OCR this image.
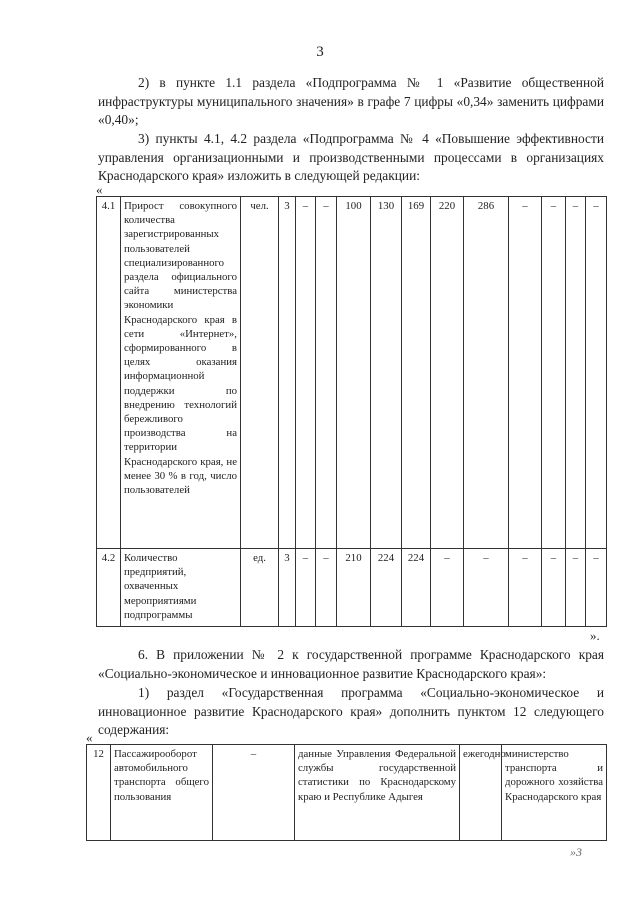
3
2) в пункте 1.1 раздела «Подпрограмма № 1 «Развитие общественной инфраструктуры муниципального значения» в графе 7 цифры «0,34» заменить цифрами «0,40»;
3) пункты 4.1, 4.2 раздела «Подпрограмма № 4 «Повышение эффективности управления организационными и производственными процессами в организациях Краснодарского края» изложить в следующей редакции:
«
4.1	Прирост совокупного количества зарегистрированных пользователей специализированного раздела официального сайта министерства экономики Краснодарского края в сети «Интернет», сформированного в целях оказания информационной поддержки по внедрению технологий бережливого производства на территории Краснодарского края, не менее 30 % в год, число пользователей	чел.	3	–	–	100	130	169	220	286	–	–	–	–
4.2	Количество предприятий, охваченных мероприятиями подпрограммы	ед.	3	–	–	210	224	224	–	–	–	–	–	–
».
6. В приложении № 2 к государственной программе Краснодарского края «Социально-экономическое и инновационное развитие Краснодарского края»:
1) раздел «Государственная программа «Социально-экономическое и инновационное развитие Краснодарского края» дополнить пунктом 12 следующего содержания:
«
12	Пассажирооборот автомобильного транспорта общего пользования	–	данные Управления Федеральной службы государственной статистики по Краснодарскому краю и Республике Адыгея	ежегодно	министерство транспорта и дорожного хозяйства Краснодарского края
»3
